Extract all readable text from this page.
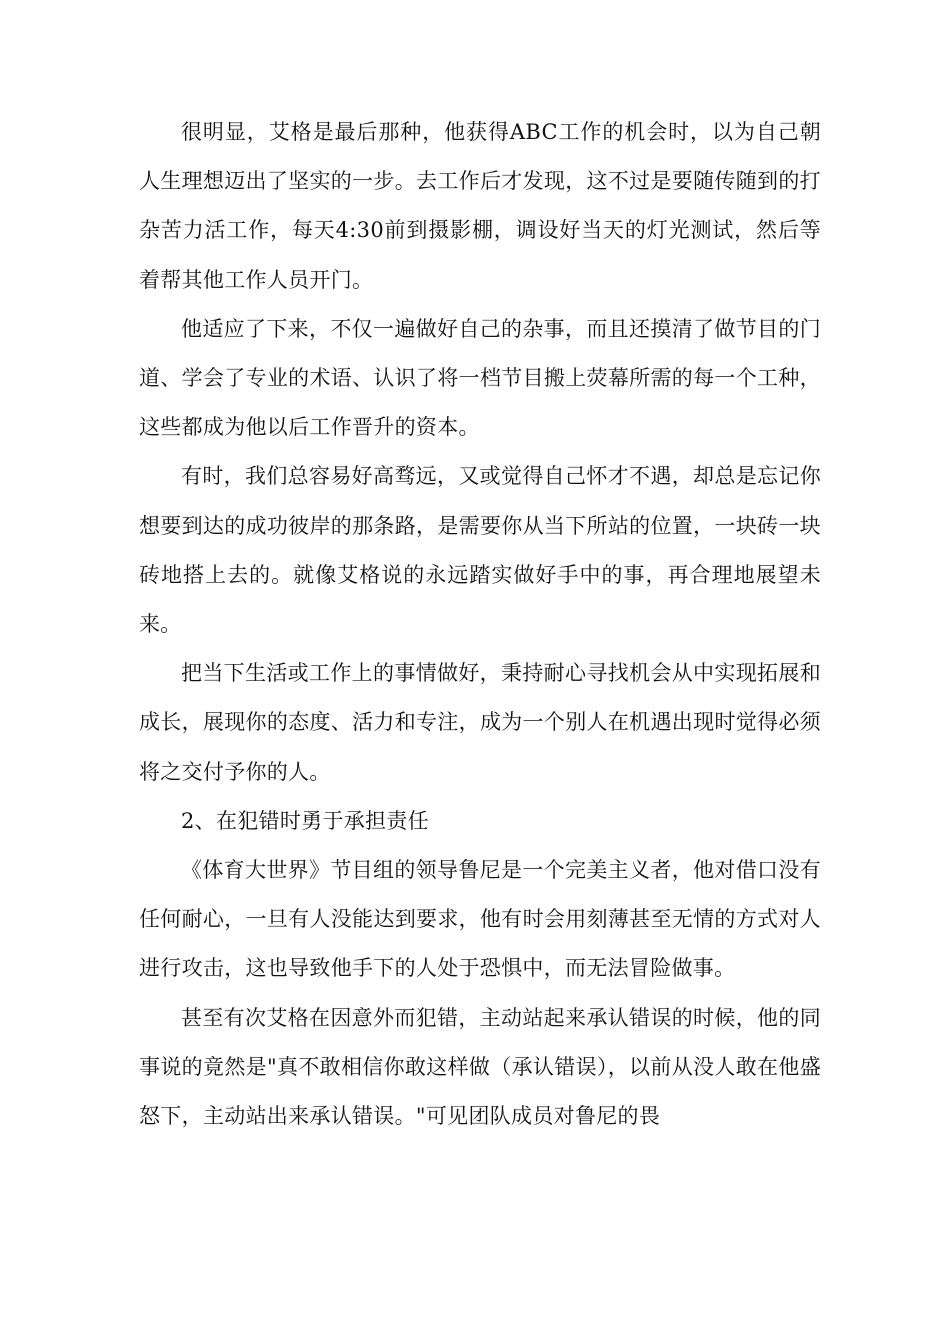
很明显，艾格是最后那种，他获得ABC工作的机会时，以为自己朝人生理想迈出了坚实的一步。去工作后才发现，这不过是要随传随到的打杂苦力活工作，每天4:30前到摄影棚，调设好当天的灯光测试，然后等着帮其他工作人员开门。

他适应了下来，不仅一遍做好自己的杂事，而且还摸清了做节目的门道、学会了专业的术语、认识了将一档节目搬上荧幕所需的每一个工种，这些都成为他以后工作晋升的资本。

有时，我们总容易好高骛远，又或觉得自己怀才不遇，却总是忘记你想要到达的成功彼岸的那条路，是需要你从当下所站的位置，一块砖一块砖地搭上去的。就像艾格说的永远踏实做好手中的事，再合理地展望未来。

把当下生活或工作上的事情做好，秉持耐心寻找机会从中实现拓展和成长，展现你的态度、活力和专注，成为一个别人在机遇出现时觉得必须将之交付予你的人。

2、在犯错时勇于承担责任

《体育大世界》节目组的领导鲁尼是一个完美主义者，他对借口没有任何耐心，一旦有人没能达到要求，他有时会用刻薄甚至无情的方式对人进行攻击，这也导致他手下的人处于恐惧中，而无法冒险做事。

甚至有次艾格在因意外而犯错，主动站起来承认错误的时候，他的同事说的竟然是"真不敢相信你敢这样做（承认错误），以前从没人敢在他盛怒下，主动站出来承认错误。"可见团队成员对鲁尼的畏
